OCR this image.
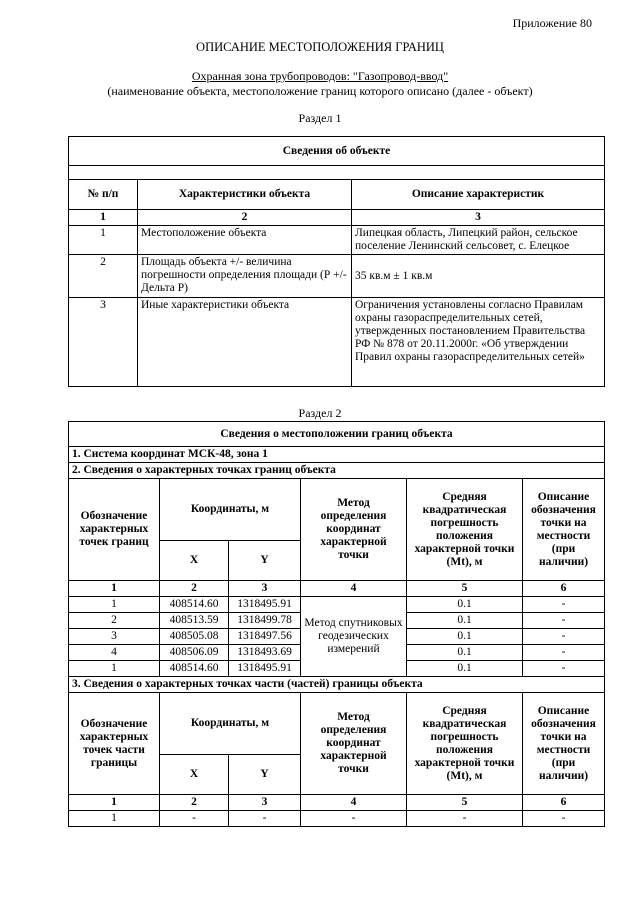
Приложение 80
ОПИСАНИЕ МЕСТОПОЛОЖЕНИЯ ГРАНИЦ
Охранная зона трубопроводов: "Газопровод-ввод"
(наименование объекта, местоположение границ которого описано (далее - объект)
Раздел 1
Сведения об объекте		

№ п/п	Характеристики объекта	Описание характеристик
1	2	3
1	Местоположение объекта	Липецкая область, Липецкий район, сельское поселение Ленинский сельсовет, с. Елецкое
2	Площадь объекта +/- величина погрешности определения площади (Р +/- Дельта Р)	35 кв.м ± 1 кв.м
3	Иные характеристики объекта	Ограничения установлены согласно Правилам охраны газораспределительных сетей, утвержденных постановлением Правительства РФ № 878 от 20.11.2000г. «Об утверждении Правил охраны газораспределительных сетей»
Раздел 2
Сведения о местоположении границ объекта					
1. Система координат МСК-48, зона 1					
2. Сведения о характерных точках границ объекта					
Обозначение характерных точек границ	Координаты, м		Метод определения координат характерной точки	Средняя квадратическая погрешность положения характерной точки (Mt), м	Описание обозначения точки на местности (при наличии)
	X	Y			
1	2	3	4	5	6
1	408514.60	1318495.91	Метод спутниковых геодезических измерений	0.1	-
2	408513.59	1318499.78		0.1	-
3	408505.08	1318497.56		0.1	-
4	408506.09	1318493.69		0.1	-
1	408514.60	1318495.91		0.1	-
3. Сведения о характерных точках части (частей) границы объекта					
Обозначение характерных точек части границы	Координаты, м		Метод определения координат характерной точки	Средняя квадратическая погрешность положения характерной точки (Mt), м	Описание обозначения точки на местности (при наличии)
	X	Y			
1	2	3	4	5	6
1	-	-	-	-	-
